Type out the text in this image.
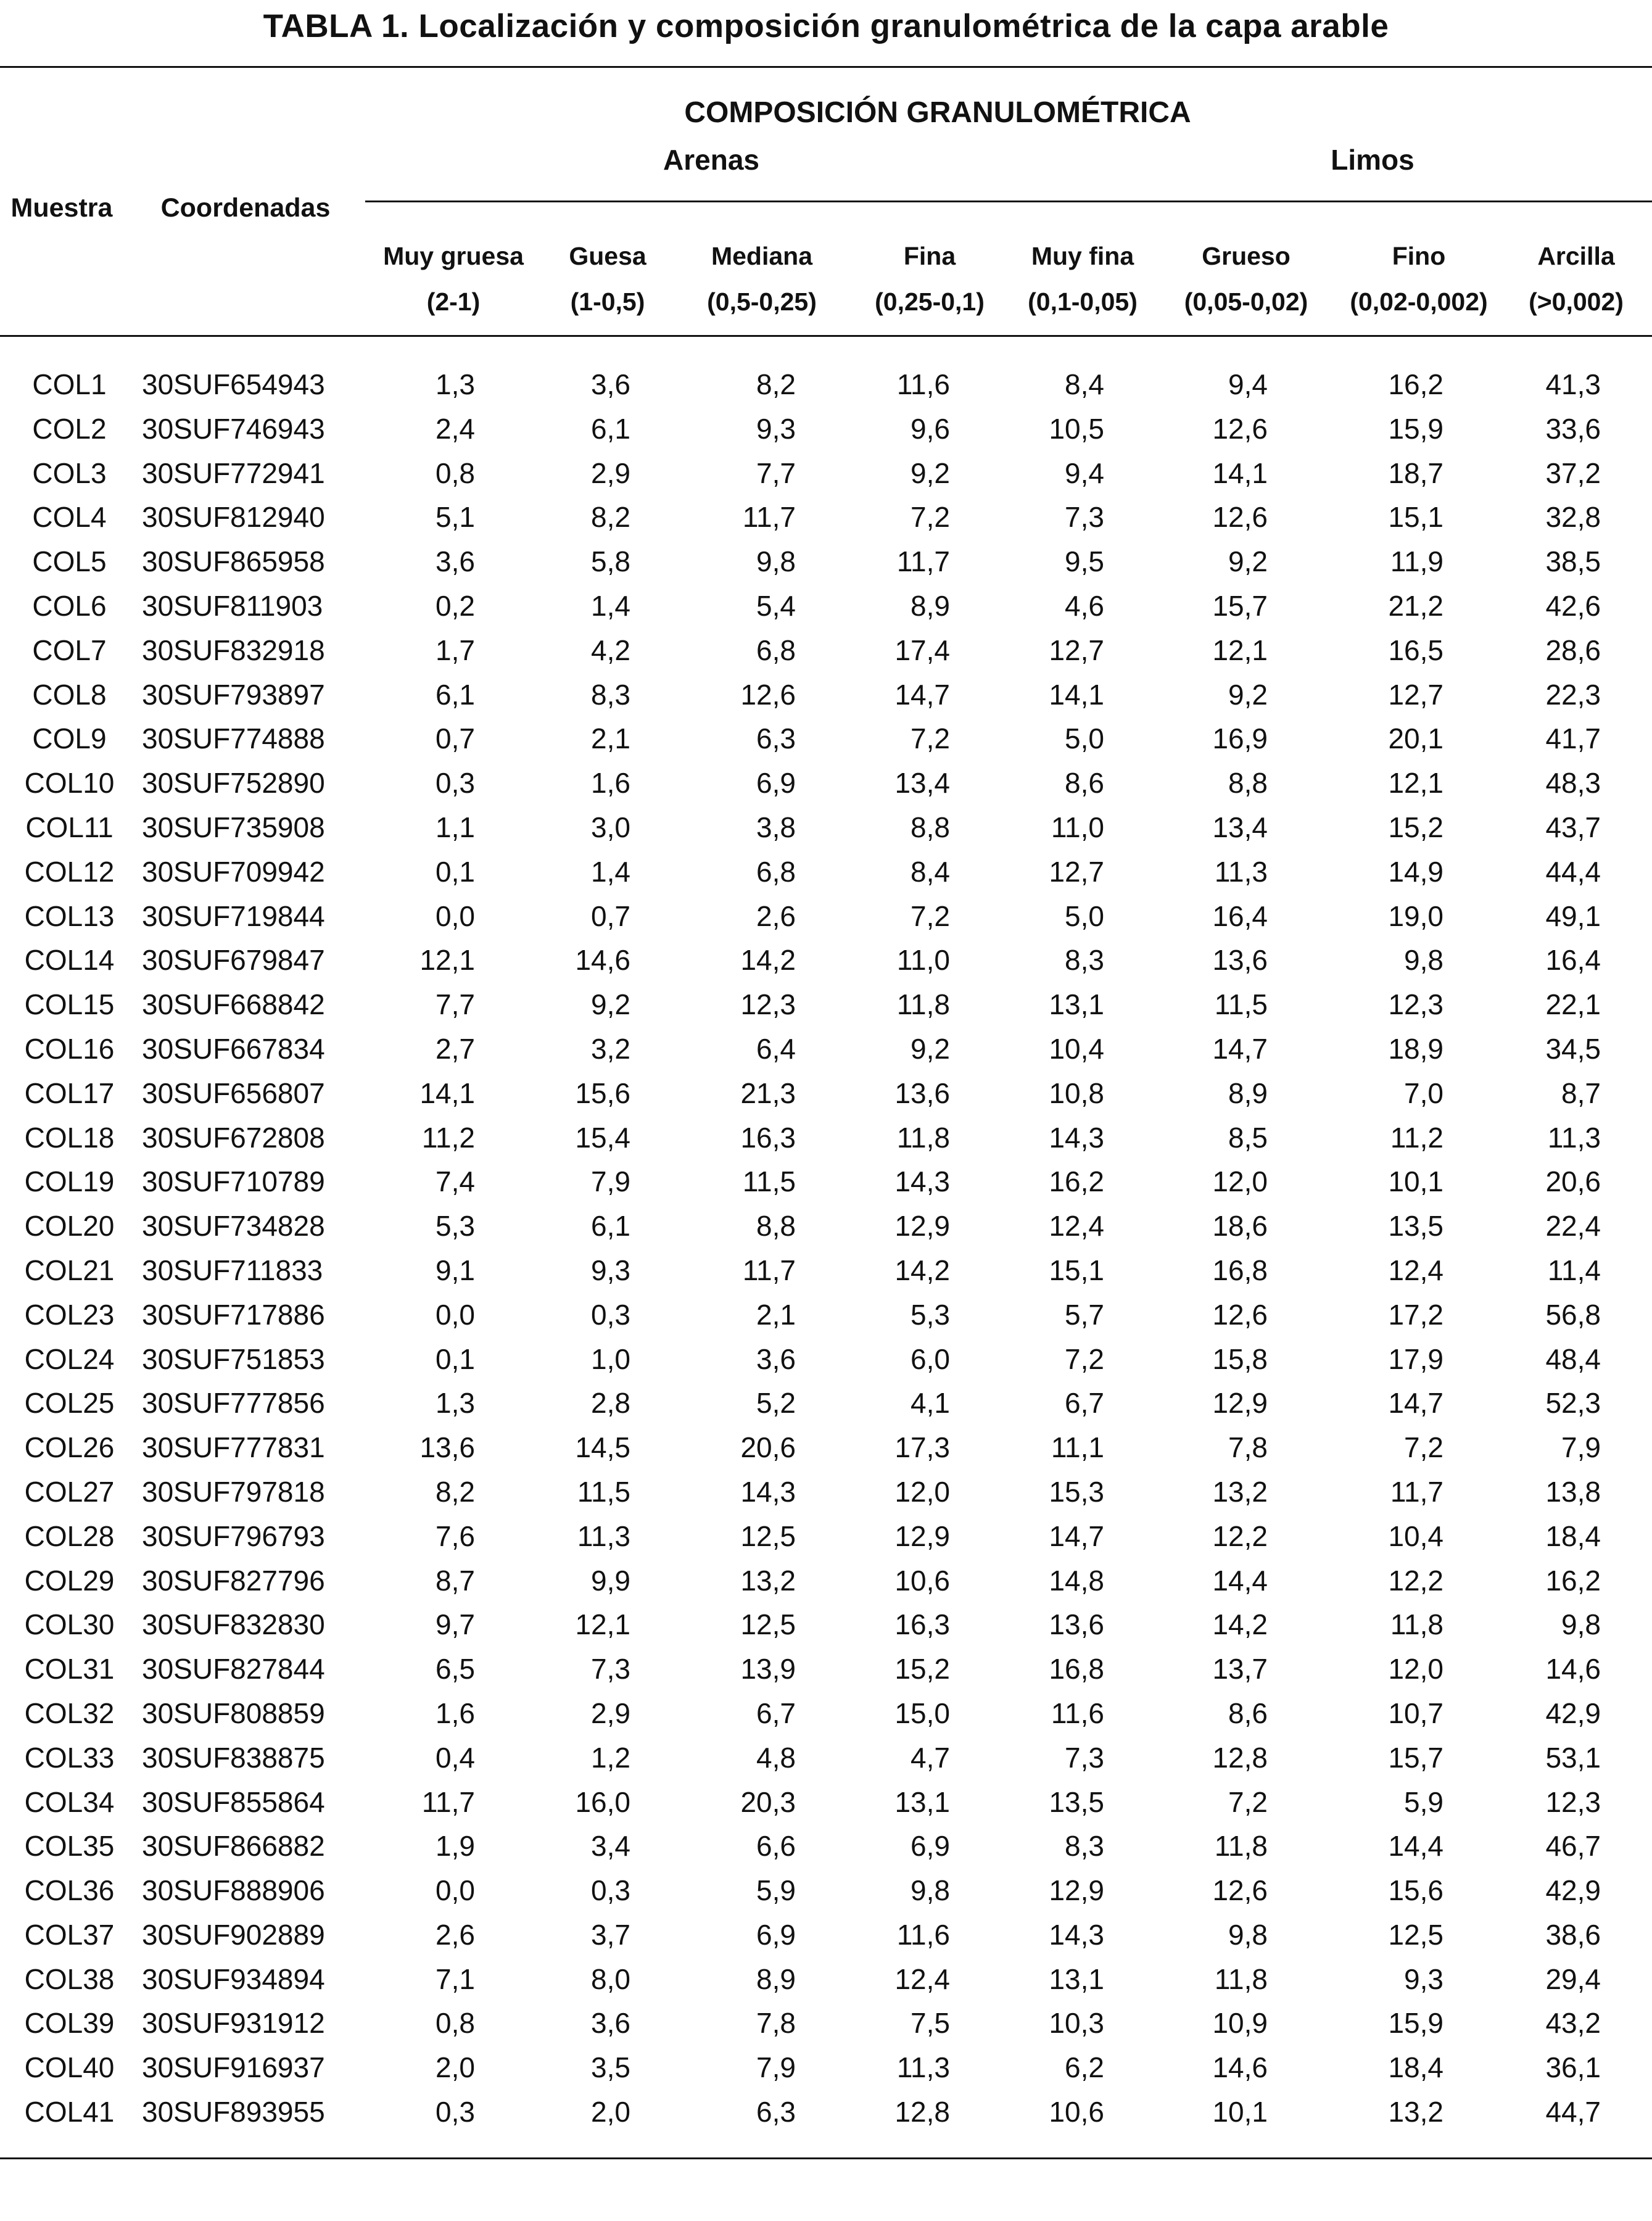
TABLA 1. Localización y composición granulométrica de la capa arable
COMPOSICIÓN GRANULOMÉTRICA
Arenas	Limos
Muestra Coordenadas
Muy gruesa
(2-1)
Guesa
(1-0,5)
Mediana
(0,5-0,25)
Fina
(0,25-0,1)
Muy fina
(0,1-0,05)
Grueso
(0,05-0,02)
Fino
(0,02-0,002)
Arcilla
(>0,002)
COL1	30SUF654943	1,3	3,6	8,2	11,6	8,4	9,4	16,2	41,3
COL2	30SUF746943	2,4	6,1	9,3	9,6	10,5	12,6	15,9	33,6
COL3	30SUF772941	0,8	2,9	7,7	9,2	9,4	14,1	18,7	37,2
COL4	30SUF812940	5,1	8,2	11,7	7,2	7,3	12,6	15,1	32,8
COL5	30SUF865958	3,6	5,8	9,8	11,7	9,5	9,2	11,9	38,5
COL6	30SUF811903	0,2	1,4	5,4	8,9	4,6	15,7	21,2	42,6
COL7	30SUF832918	1,7	4,2	6,8	17,4	12,7	12,1	16,5	28,6
COL8	30SUF793897	6,1	8,3	12,6	14,7	14,1	9,2	12,7	22,3
COL9	30SUF774888	0,7	2,1	6,3	7,2	5,0	16,9	20,1	41,7
COL10 30SUF752890	0,3	1,6	6,9	13,4	8,6	8,8	12,1	48,3
COL11	30SUF735908	1,1	3,0	3,8	8,8	11,0	13,4	15,2	43,7
COL12 30SUF709942	0,1	1,4	6,8	8,4	12,7	11,3	14,9	44,4
COL13 30SUF719844	0,0	0,7	2,6	7,2	5,0	16,4	19,0	49,1
COL14 30SUF679847	12,1	14,6	14,2	11,0	8,3	13,6	9,8	16,4
COL15 30SUF668842	7,7	9,2	12,3	11,8	13,1	11,5	12,3	22,1
COL16 30SUF667834	2,7	3,2	6,4	9,2	10,4	14,7	18,9	34,5
COL17 30SUF656807	14,1	15,6	21,3	13,6	10,8	8,9	7,0	8,7
COL18 30SUF672808	11,2	15,4	16,3	11,8	14,3	8,5	11,2	11,3
COL19 30SUF710789	7,4	7,9	11,5	14,3	16,2	12,0	10,1	20,6
COL20 30SUF734828	5,3	6,1	8,8	12,9	12,4	18,6	13,5	22,4
COL21 30SUF711833	9,1	9,3	11,7	14,2	15,1	16,8	12,4	11,4
COL23 30SUF717886	0,0	0,3	2,1	5,3	5,7	12,6	17,2	56,8
COL24 30SUF751853	0,1	1,0	3,6	6,0	7,2	15,8	17,9	48,4
COL25 30SUF777856	1,3	2,8	5,2	4,1	6,7	12,9	14,7	52,3
COL26 30SUF777831	13,6	14,5	20,6	17,3	11,1	7,8	7,2	7,9
COL27 30SUF797818	8,2	11,5	14,3	12,0	15,3	13,2	11,7	13,8
COL28 30SUF796793	7,6	11,3	12,5	12,9	14,7	12,2	10,4	18,4
COL29 30SUF827796	8,7	9,9	13,2	10,6	14,8	14,4	12,2	16,2
COL30 30SUF832830	9,7	12,1	12,5	16,3	13,6	14,2	11,8	9,8
COL31 30SUF827844	6,5	7,3	13,9	15,2	16,8	13,7	12,0	14,6
COL32 30SUF808859	1,6	2,9	6,7	15,0	11,6	8,6	10,7	42,9
COL33 30SUF838875	0,4	1,2	4,8	4,7	7,3	12,8	15,7	53,1
COL34 30SUF855864	11,7	16,0	20,3	13,1	13,5	7,2	5,9	12,3
COL35 30SUF866882	1,9	3,4	6,6	6,9	8,3	11,8	14,4	46,7
COL36 30SUF888906	0,0	0,3	5,9	9,8	12,9	12,6	15,6	42,9
COL37 30SUF902889	2,6	3,7	6,9	11,6	14,3	9,8	12,5	38,6
COL38 30SUF934894	7,1	8,0	8,9	12,4	13,1	11,8	9,3	29,4
COL39 30SUF931912	0,8	3,6	7,8	7,5	10,3	10,9	15,9	43,2
COL40 30SUF916937	2,0	3,5	7,9	11,3	6,2	14,6	18,4	36,1
COL41 30SUF893955	0,3	2,0	6,3	12,8	10,6	10,1	13,2	44,7
